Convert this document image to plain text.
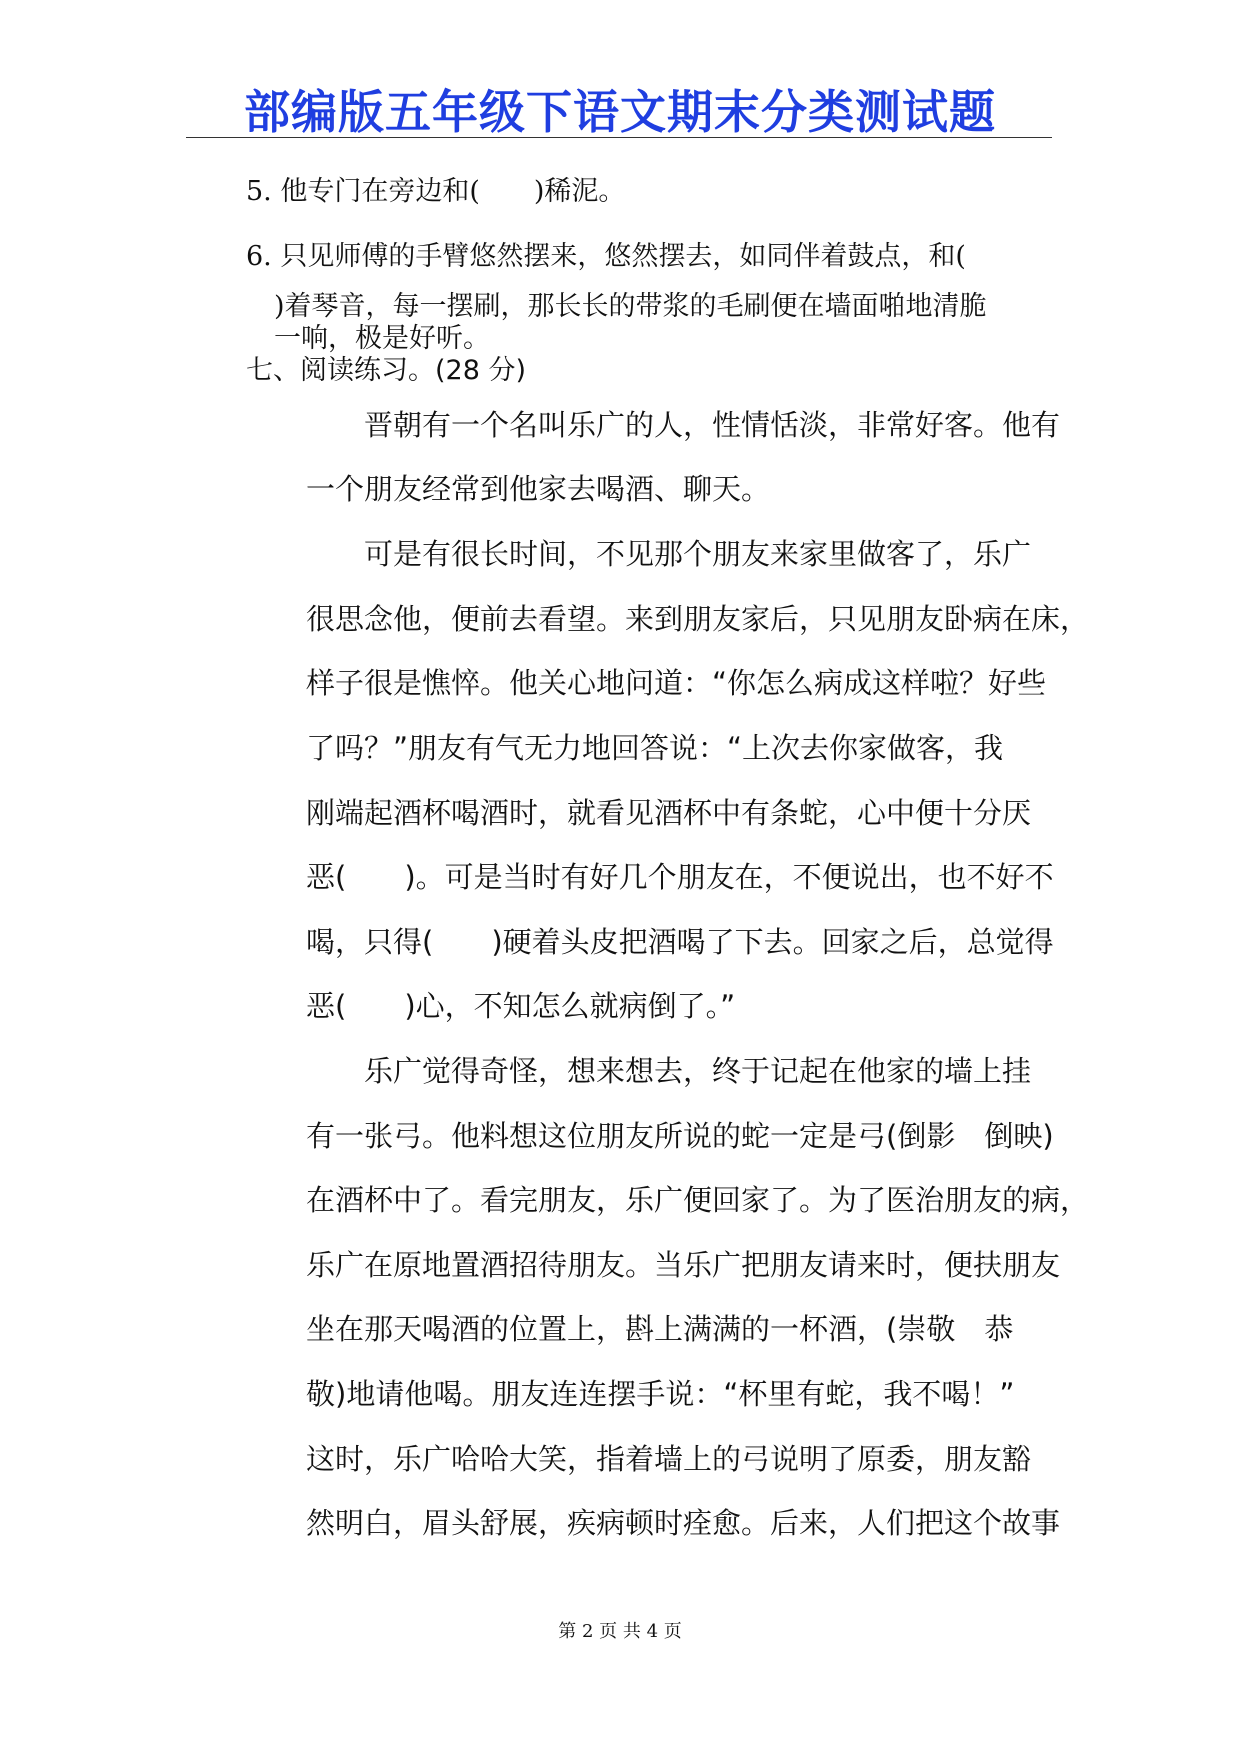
部编版五年级下语文期末分类测试题
5. 他专门在旁边和(　　)稀泥。
6. 只见师傅的手臂悠然摆来，悠然摆去，如同伴着鼓点，和(
)着琴音，每一摆刷，那长长的带浆的毛刷便在墙面啪地清脆
一响，极是好听。
七、阅读练习。(28 分)
　　晋朝有一个名叫乐广的人，性情恬淡，非常好客。他有
一个朋友经常到他家去喝酒、聊天。
　　可是有很长时间，不见那个朋友来家里做客了，乐广
很思念他，便前去看望。来到朋友家后，只见朋友卧病在床，
样子很是憔悴。他关心地问道：“你怎么病成这样啦？好些
了吗？”朋友有气无力地回答说：“上次去你家做客，我
刚端起酒杯喝酒时，就看见酒杯中有条蛇，心中便十分厌
恶(　　)。可是当时有好几个朋友在，不便说出，也不好不
喝，只得(　　)硬着头皮把酒喝了下去。回家之后，总觉得
恶(　　)心，不知怎么就病倒了。”
　　乐广觉得奇怪，想来想去，终于记起在他家的墙上挂
有一张弓。他料想这位朋友所说的蛇一定是弓(倒影　倒映)
在酒杯中了。看完朋友，乐广便回家了。为了医治朋友的病，
乐广在原地置酒招待朋友。当乐广把朋友请来时，便扶朋友
坐在那天喝酒的位置上，斟上满满的一杯酒，(崇敬　恭
敬)地请他喝。朋友连连摆手说：“杯里有蛇，我不喝！”
这时，乐广哈哈大笑，指着墙上的弓说明了原委，朋友豁
然明白，眉头舒展，疾病顿时痊愈。后来，人们把这个故事
第 2 页 共 4 页
